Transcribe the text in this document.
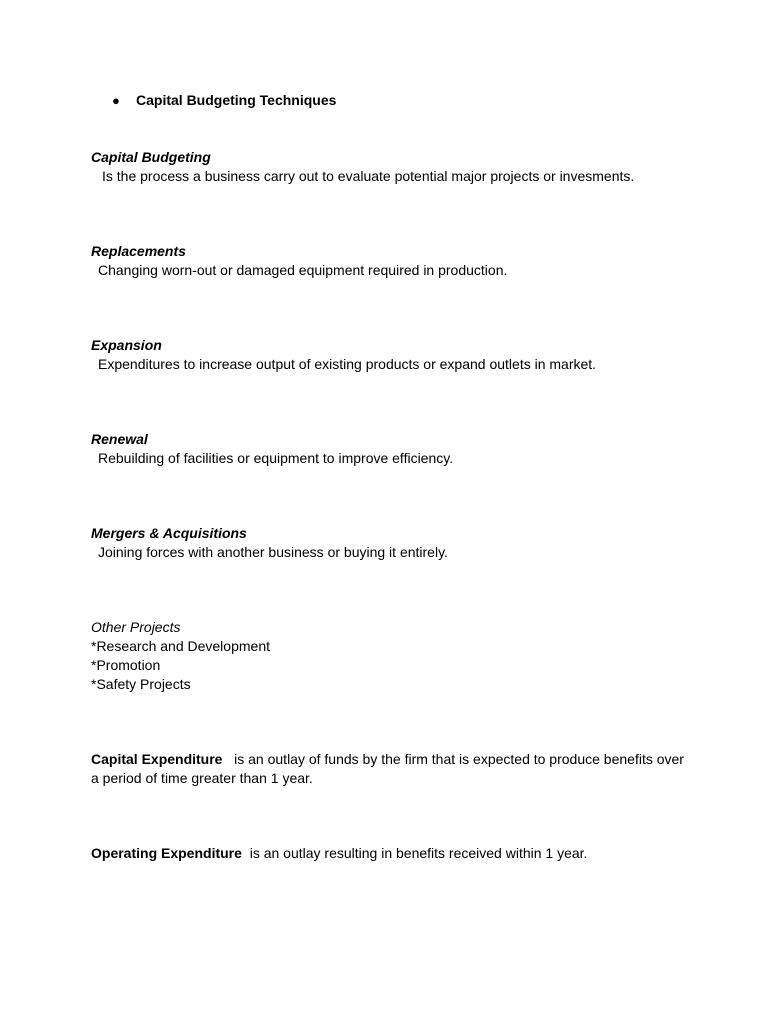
● Capital Budgeting Techniques
Capital Budgeting
Is the process a business carry out to evaluate potential major projects or invesments.
Replacements
Changing worn-out or damaged equipment required in production.
Expansion
Expenditures to increase output of existing products or expand outlets in market.
Renewal
Rebuilding of facilities or equipment to improve efficiency.
Mergers & Acquisitions
Joining forces with another business or buying it entirely.
Other Projects
*Research and Development
*Promotion
*Safety Projects
Capital Expenditure is an outlay of funds by the firm that is expected to produce benefits over a period of time greater than 1 year.
Operating Expenditure is an outlay resulting in benefits received within 1 year.
